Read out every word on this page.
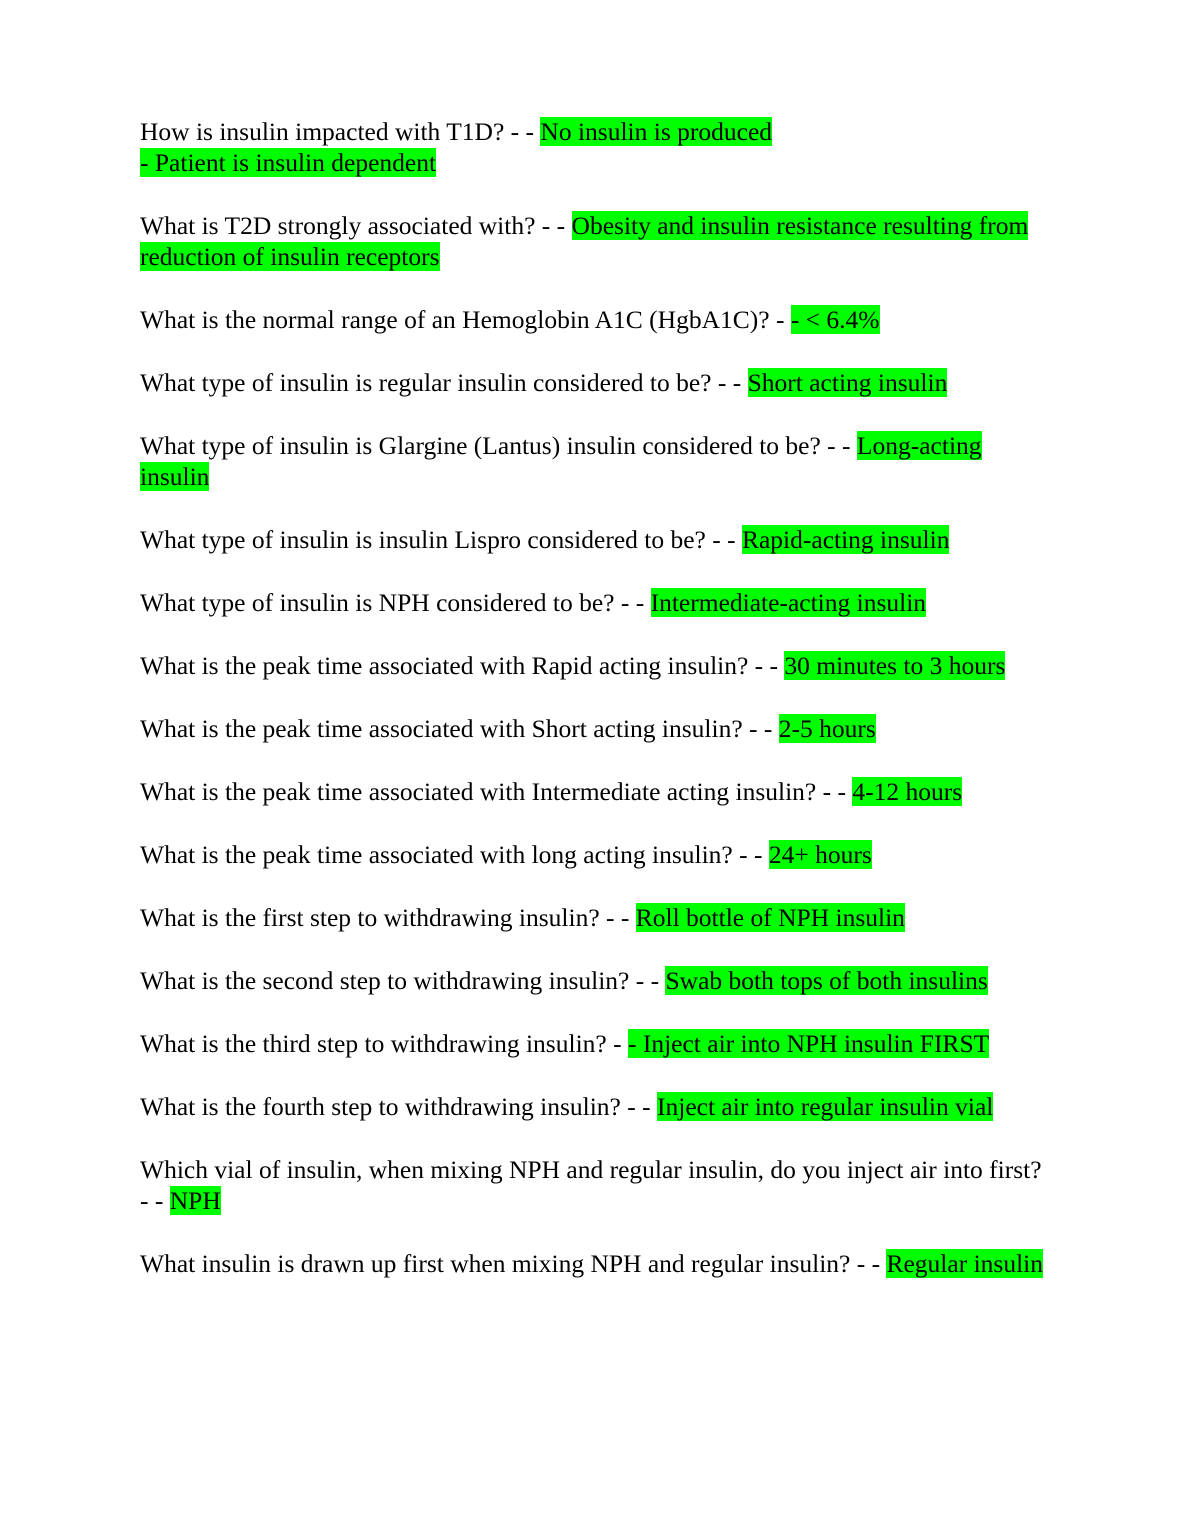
How is insulin impacted with T1D? - - No insulin is produced
- Patient is insulin dependent

What is T2D strongly associated with? - - Obesity and insulin resistance resulting from reduction of insulin receptors

What is the normal range of an Hemoglobin A1C (HgbA1C)? - - < 6.4%

What type of insulin is regular insulin considered to be? - - Short acting insulin

What type of insulin is Glargine (Lantus) insulin considered to be? - - Long-acting insulin

What type of insulin is insulin Lispro considered to be? - - Rapid-acting insulin

What type of insulin is NPH considered to be? - - Intermediate-acting insulin

What is the peak time associated with Rapid acting insulin? - - 30 minutes to 3 hours

What is the peak time associated with Short acting insulin? - - 2-5 hours

What is the peak time associated with Intermediate acting insulin? - - 4-12 hours

What is the peak time associated with long acting insulin? - - 24+ hours

What is the first step to withdrawing insulin? - - Roll bottle of NPH insulin

What is the second step to withdrawing insulin? - - Swab both tops of both insulins

What is the third step to withdrawing insulin? - - Inject air into NPH insulin FIRST

What is the fourth step to withdrawing insulin? - - Inject air into regular insulin vial

Which vial of insulin, when mixing NPH and regular insulin, do you inject air into first? - - NPH

What insulin is drawn up first when mixing NPH and regular insulin? - - Regular insulin
